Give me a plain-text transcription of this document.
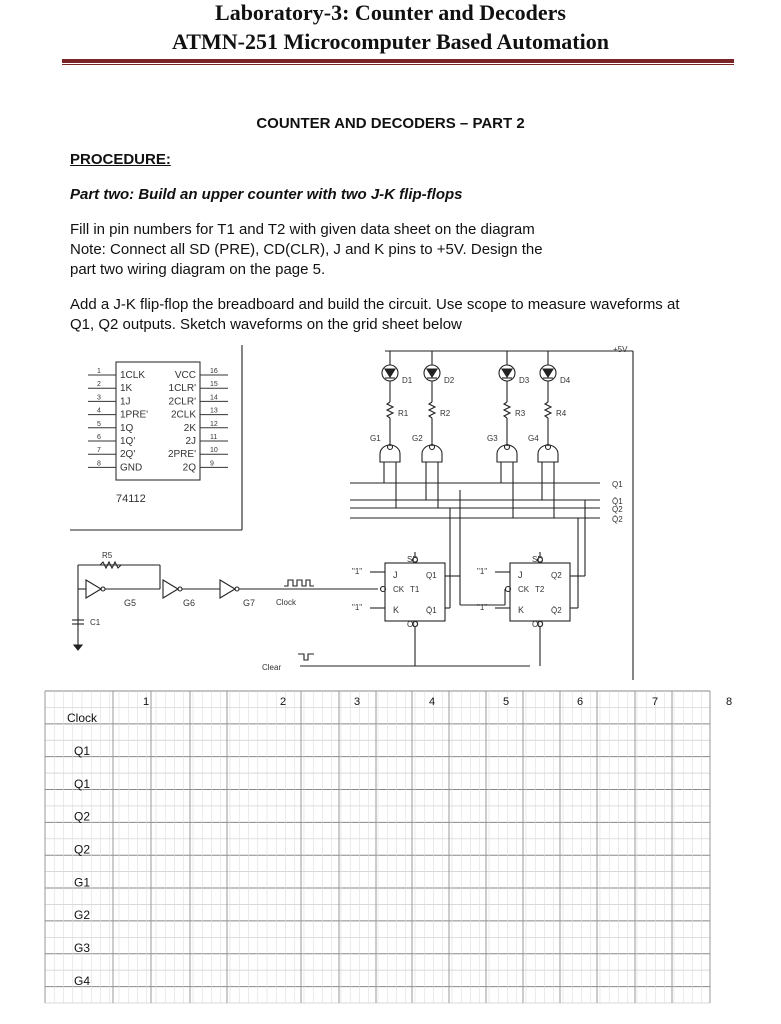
Laboratory-3: Counter and Decoders
ATMN-251 Microcomputer Based Automation
COUNTER AND DECODERS – PART 2
PROCEDURE:
Part two: Build an upper counter with two J-K flip-flops
Fill in pin numbers for T1 and T2 with given data sheet on the diagram
Note: Connect all SD (PRE), CD(CLR), J and K pins to +5V. Design the
part two wiring diagram on the page 5.
Add a J-K flip-flop the breadboard and build the circuit. Use scope to measure waveforms at
Q1, Q2 outputs. Sketch waveforms on the grid sheet below
1 1CLK
2 1K
3 1J
4 1PRE'
5 1Q
6 1Q'
7 2Q'
8 GND
16
VCC
15
1CLR'
14
2CLR'
13
2CLK
12
2K
11
2J
10
2PRE'
9
2Q
74112
+5V
D1
R1
G1
D2
R2
G2
D3
R3
G3
D4
R4
G4
Q1
Q̄1
Q2
Q̄2
R5
G5	G6	G7
C1
Clock
Clear
SD
CD
J
K
CK T1
Q1
Q̄1
"1"
"1"
SD
CD
J
K
CK T2
Q2
Q̄2
"1"
"1"
1	2	3	4	5	6	7	8
Clock
Q1
Q1
Q2
Q2
G1
G2
G3
G4
